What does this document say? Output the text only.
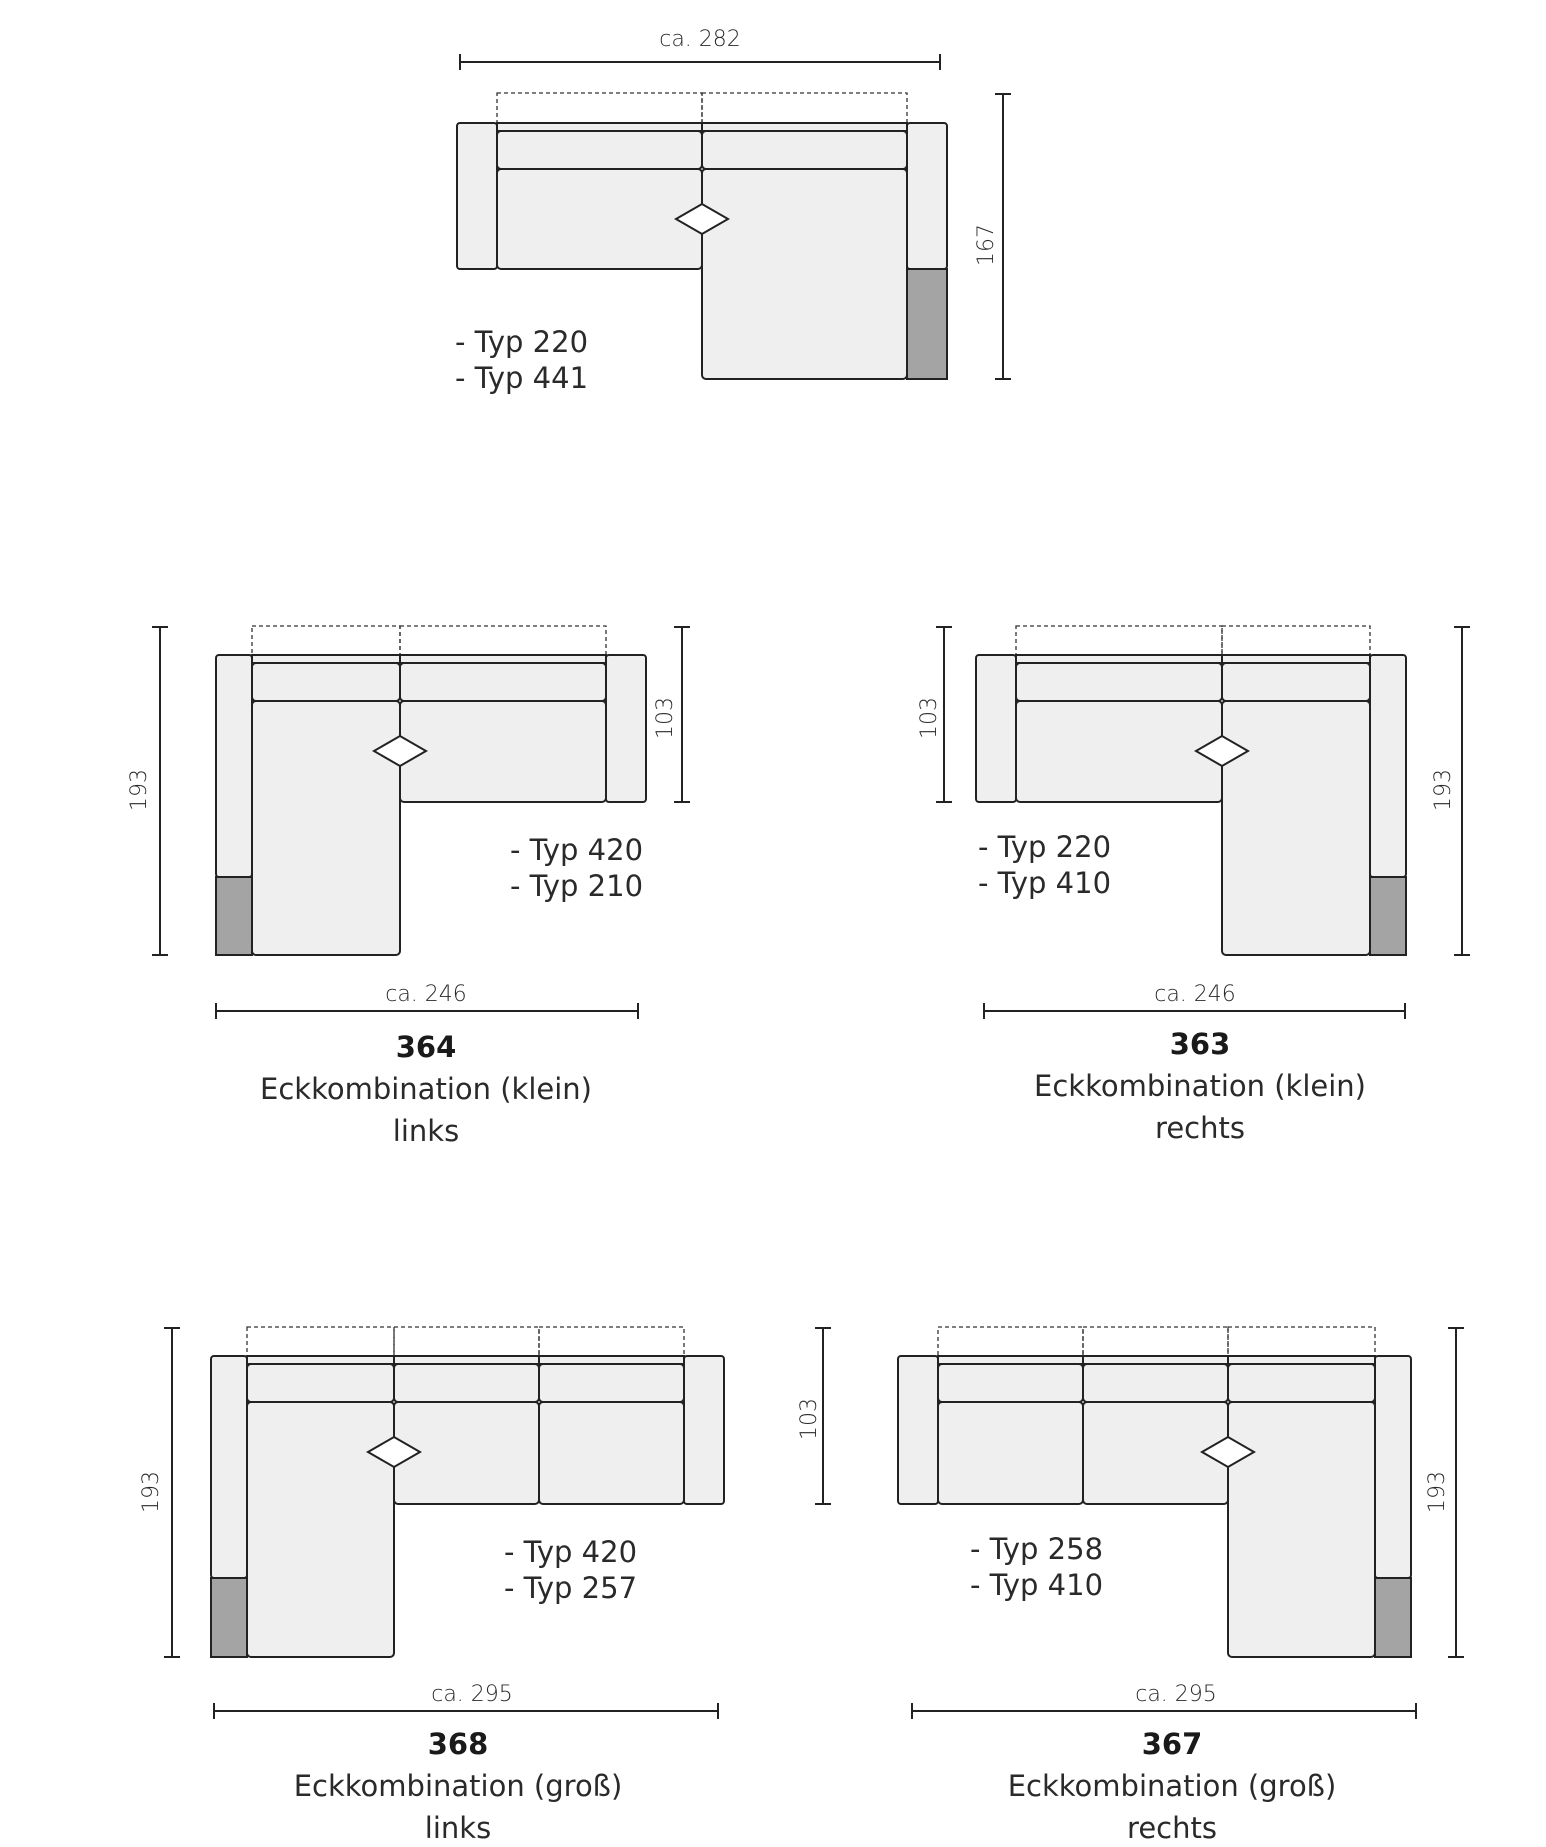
ca. 282
167
- Typ 220
- Typ 441
193
103
ca. 246
- Typ 420
- Typ 210
364
Eckkombination (klein)
links
103
193
ca. 246
- Typ 220
- Typ 410
363
Eckkombination (klein)
rechts
193
ca. 295
- Typ 420
- Typ 257
368
Eckkombination (groß)
links
103
193
ca. 295
- Typ 258
- Typ 410
367
Eckkombination (groß)
rechts
